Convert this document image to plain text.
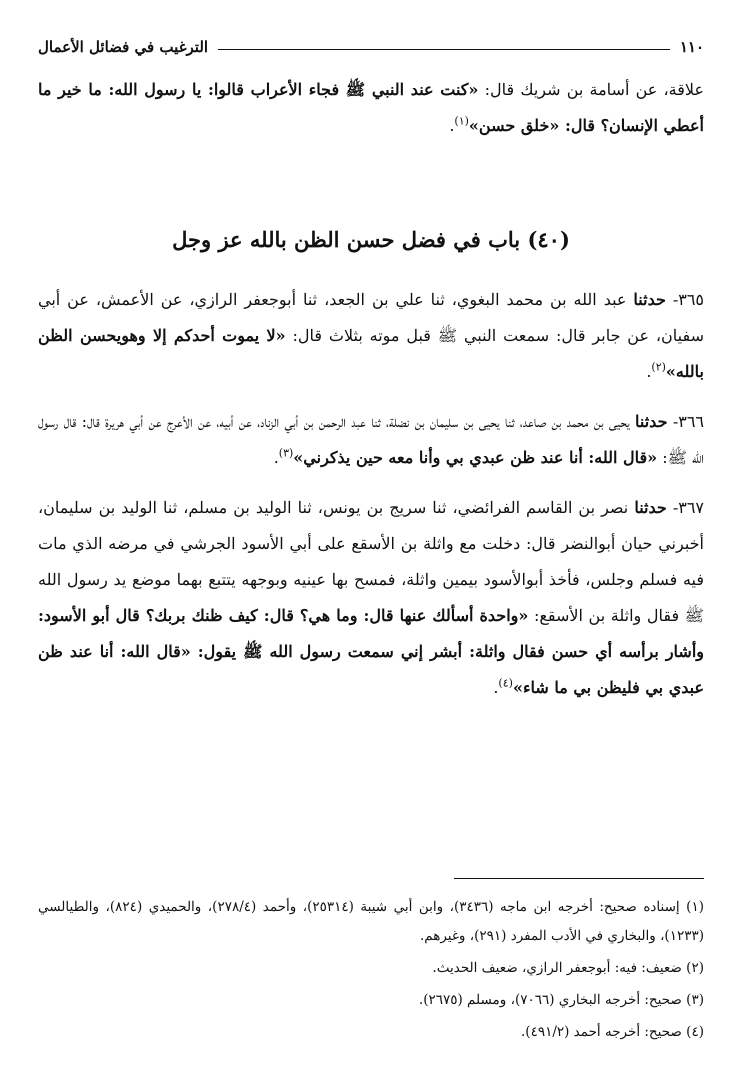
١١٠
الترغيب في فضائل الأعمال

علاقة، عن أسامة بن شريك قال: «كنت عند النبي ﷺ فجاء الأعراب قالوا: يا رسول الله: ما خير ما أعطي الإنسان؟ قال: «خلق حسن»$^{(١)}$.

(٤٠) باب في فضل حسن الظن بالله عز وجل

٣٦٥- حدثنا عبد الله بن محمد البغوي، ثنا علي بن الجعد، ثنا أبوجعفر الرازي، عن الأعمش، عن أبي سفيان، عن جابر قال: سمعت النبي ﷺ قبل موته بثلاث قال: «لا يموت أحدكم إلا وهويحسن الظن بالله»$^{(٢)}$.

٣٦٦- حدثنا يحيى بن محمد بن صاعد، ثنا يحيى بن سليمان بن نضلة، ثنا عبد الرحمن بن أبي الزناد، عن أبيه، عن الأعرج عن أبي هريرة قال: قال رسول الله ﷺ: «قال الله: أنا عند ظن عبدي بي وأنا معه حين يذكرني»$^{(٣)}$.

٣٦٧- حدثنا نصر بن القاسم الفرائضي، ثنا سريج بن يونس، ثنا الوليد بن مسلم، ثنا الوليد بن سليمان، أخبرني حيان أبوالنضر قال: دخلت مع واثلة بن الأسقع على أبي الأسود الجرشي في مرضه الذي مات فيه فسلم وجلس، فأخذ أبوالأسود بيمين واثلة، فمسح بها عينيه وبوجهه يتتبع بهما موضع يد رسول الله ﷺ فقال واثلة بن الأسقع: «واحدة أسألك عنها قال: وما هي؟ قال: كيف ظنك بربك؟ قال أبو الأسود: وأشار برأسه أي حسن فقال واثلة: أبشر إني سمعت رسول الله ﷺ يقول: «قال الله: أنا عند ظن عبدي بي فليظن بي ما شاء»$^{(٤)}$.

(١) إسناده صحيح: أخرجه ابن ماجه (٣٤٣٦)، وابن أبي شيبة (٢٥٣١٤)، وأحمد (٢٧٨/٤)، والحميدي (٨٢٤)، والطيالسي (١٢٣٣)، والبخاري في الأدب المفرد (٢٩١)، وغيرهم.

(٢) ضعيف: فيه: أبوجعفر الرازي، ضعيف الحديث.

(٣) صحيح: أخرجه البخاري (٧٠٦٦)، ومسلم (٢٦٧٥).

(٤) صحيح: أخرجه أحمد (٤٩١/٢).
